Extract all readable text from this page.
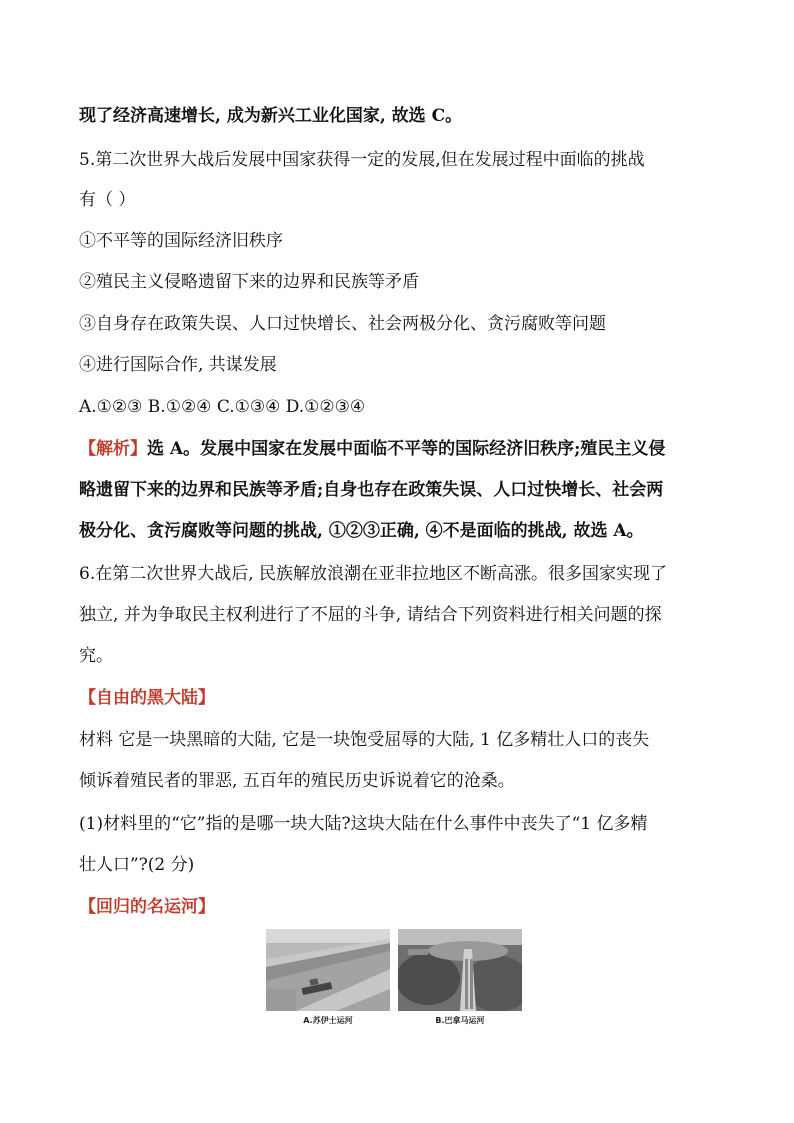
现了经济高速增长, 成为新兴工业化国家, 故选 C。
5.第二次世界大战后发展中国家获得一定的发展,但在发展过程中面临的挑战
有（ ）
①不平等的国际经济旧秩序
②殖民主义侵略遗留下来的边界和民族等矛盾
③自身存在政策失误、人口过快增长、社会两极分化、贪污腐败等问题
④进行国际合作, 共谋发展
A.①②③ B.①②④ C.①③④ D.①②③④
【解析】选 A。发展中国家在发展中面临不平等的国际经济旧秩序;殖民主义侵
略遗留下来的边界和民族等矛盾;自身也存在政策失误、人口过快增长、社会两
极分化、贪污腐败等问题的挑战, ①②③正确, ④不是面临的挑战, 故选 A。
6.在第二次世界大战后, 民族解放浪潮在亚非拉地区不断高涨。很多国家实现了
独立, 并为争取民主权利进行了不屈的斗争, 请结合下列资料进行相关问题的探
究。
【自由的黑大陆】
材料 它是一块黑暗的大陆, 它是一块饱受屈辱的大陆, 1 亿多精壮人口的丧失
倾诉着殖民者的罪恶, 五百年的殖民历史诉说着它的沧桑。
(1)材料里的“它”指的是哪一块大陆?这块大陆在什么事件中丧失了“1 亿多精
壮人口”?(2 分)
【回归的名运河】
A.苏伊士运河	B.巴拿马运河
